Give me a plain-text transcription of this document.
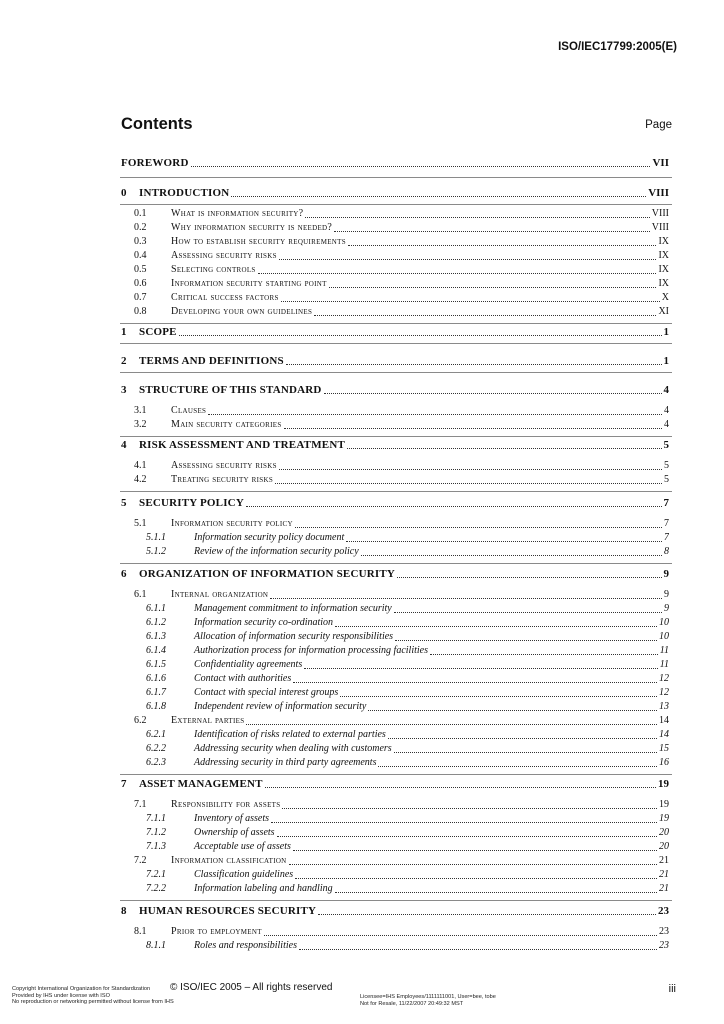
ISO/IEC17799:2005(E)
Contents	Page
FOREWORD	VII
0	INTRODUCTION	VIII
0.1	What is information security?	VIII
0.2	Why information security is needed?	VIII
0.3	How to establish security requirements	IX
0.4	Assessing security risks	IX
0.5	Selecting controls	IX
0.6	Information security starting point	IX
0.7	Critical success factors	X
0.8	Developing your own guidelines	XI
1	SCOPE	1
2	TERMS AND DEFINITIONS	1
3	STRUCTURE OF THIS STANDARD	4
3.1	Clauses	4
3.2	Main security categories	4
4	RISK ASSESSMENT AND TREATMENT	5
4.1	Assessing security risks	5
4.2	Treating security risks	5
5	SECURITY POLICY	7
5.1	Information security policy	7
5.1.1	Information security policy document	7
5.1.2	Review of the information security policy	8
6	ORGANIZATION OF INFORMATION SECURITY	9
6.1	Internal organization	9
6.1.1	Management commitment to information security	9
6.1.2	Information security co-ordination	10
6.1.3	Allocation of information security responsibilities	10
6.1.4	Authorization process for information processing facilities	11
6.1.5	Confidentiality agreements	11
6.1.6	Contact with authorities	12
6.1.7	Contact with special interest groups	12
6.1.8	Independent review of information security	13
6.2	External parties	14
6.2.1	Identification of risks related to external parties	14
6.2.2	Addressing security when dealing with customers	15
6.2.3	Addressing security in third party agreements	16
7	ASSET MANAGEMENT	19
7.1	Responsibility for assets	19
7.1.1	Inventory of assets	19
7.1.2	Ownership of assets	20
7.1.3	Acceptable use of assets	20
7.2	Information classification	21
7.2.1	Classification guidelines	21
7.2.2	Information labeling and handling	21
8	HUMAN RESOURCES SECURITY	23
8.1	Prior to employment	23
8.1.1	Roles and responsibilities	23
Copyright International Organization for Standardization
Provided by IHS under license with ISO
No reproduction or networking permitted without license from IHS
© ISO/IEC 2005 – All rights reserved
Licensee=IHS Employees/1111111001, User=bee, tobe
Not for Resale, 11/22/2007 20:49:32 MST
iii
